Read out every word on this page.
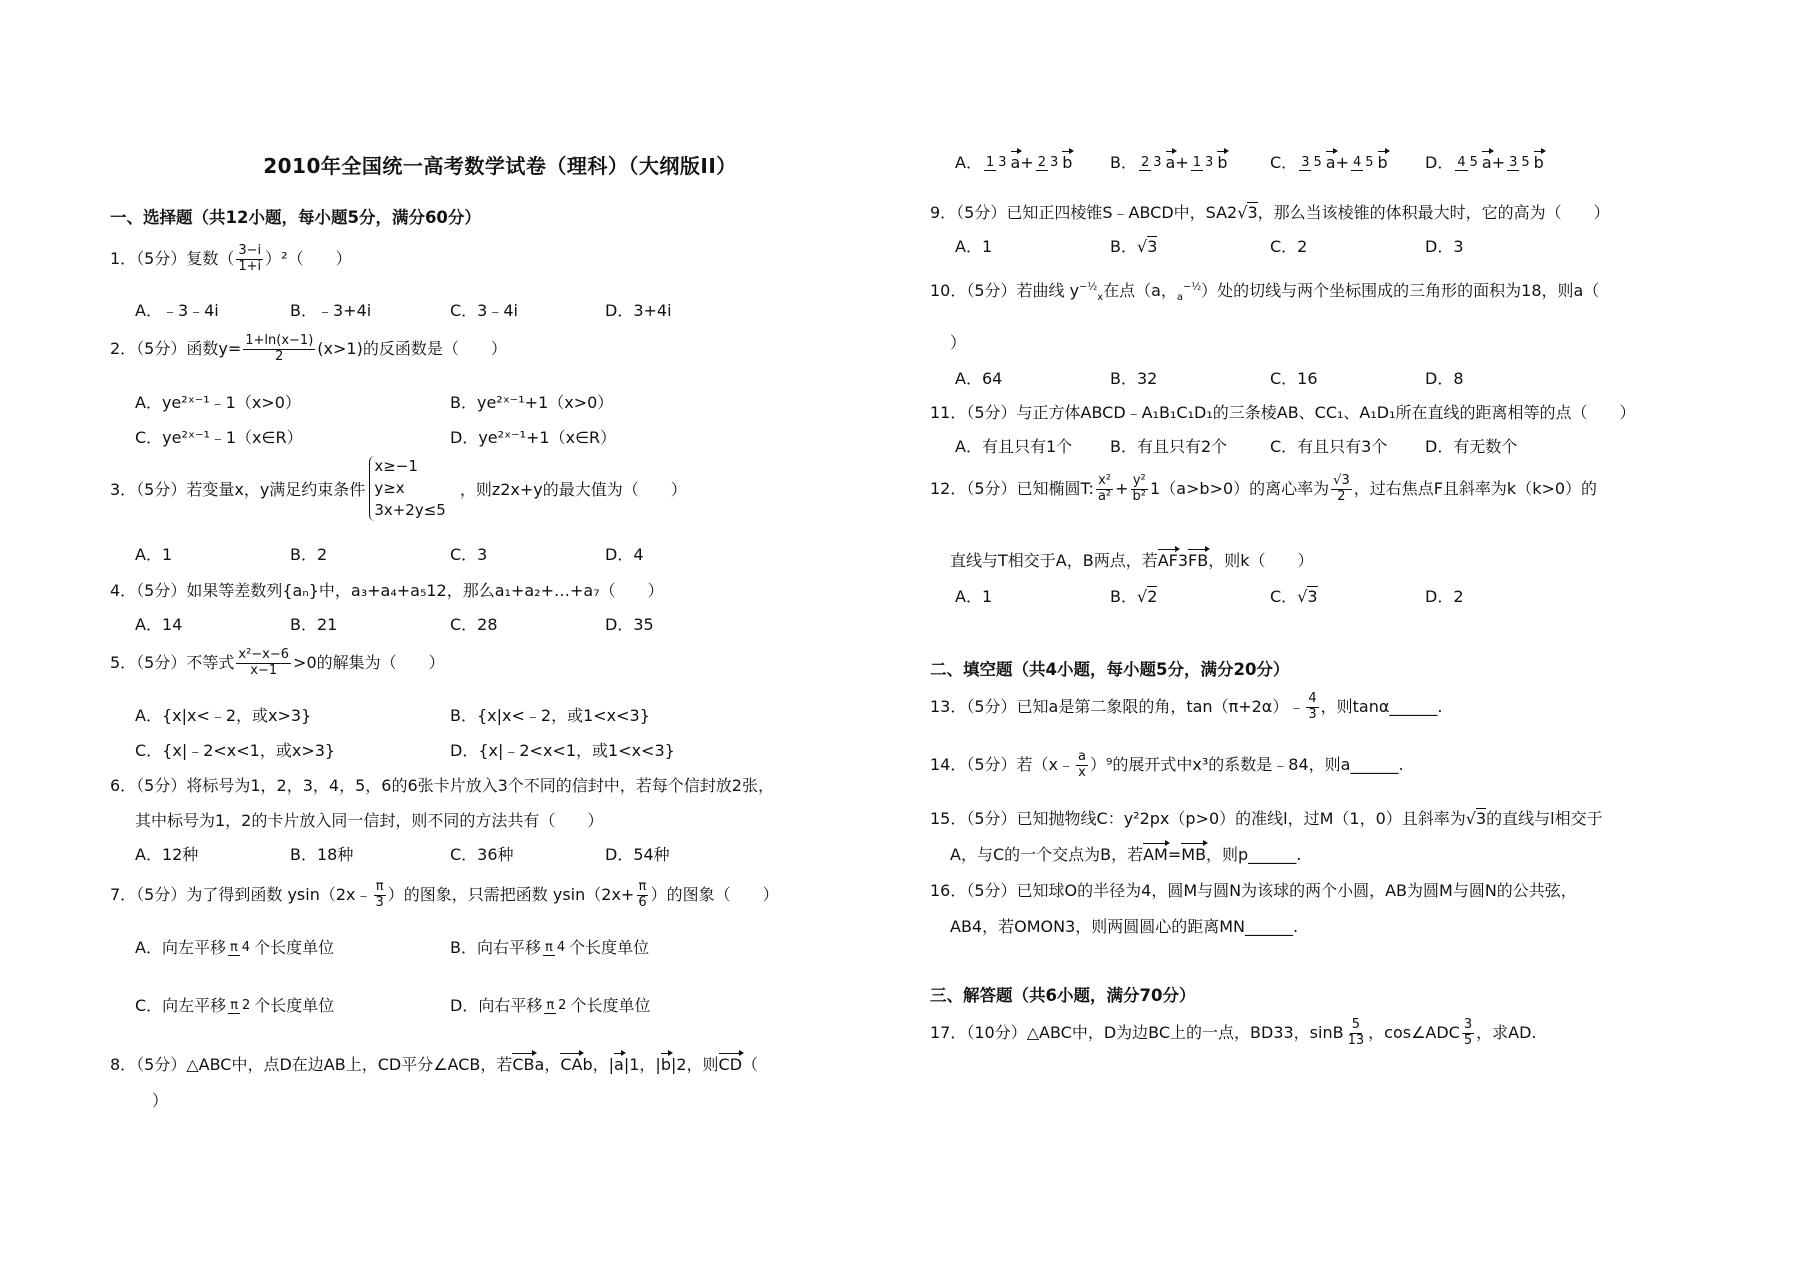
2010年全国统一高考数学试卷（理科）（大纲版II）
一、选择题（共12小题，每小题5分，满分60分）
1．（5分）复数（ $\frac{3-i}{1+i} )^2$（　　）
A．﹣3﹣4i	B．﹣3+4i	C．3﹣4i	D．3+4i
2．（5分）函数$y= \frac{1+\ln(x-1)}{2} (x>1)$的反函数是（　　）
A．ye²ˣ⁻¹﹣1（x>0）	B．ye²ˣ⁻¹+1（x>0）
C．ye²ˣ⁻¹﹣1（x∈R）	D．ye²ˣ⁻¹+1（x∈R）
3．（5分）若变量x，y满足约束条件
x≥−1
y≥x
3x+2y≤5
，则z2x+y的最大值为（　　）
A．1	B．2	C．3	D．4
4．（5分）如果等差数列{aₙ}中，a₃+a₄+a₅12，那么a₁+a₂+…+a₇（　　）
A．14	B．21	C．28	D．35
5．（5分）不等式 $\frac{\text{x²−x−6}}{x-1} >0$的解集为（　　）
A．{x|x<﹣2，或x>3}	B．{x|x<﹣2，或1<x<3}
C．{x|﹣2<x<1，或x>3}	D．{x|﹣2<x<1，或1<x<3}
6．（5分）将标号为1，2，3，4，5，6的6张卡片放入3个不同的信封中，若每个信封放2张，
其中标号为1，2的卡片放入同一信封，则不同的方法共有（　　）
A．12种	B．18种	C．36种	D．54种
7．（5分）为了得到函数 ysin（2x﹣ $\frac{\pi}{3}$ ）的图象，只需把函数 $ysin(2x+ \frac{\pi}{6}$ ）的图象（　　）
A．向左平移 π 4 个长度单位	B．向右平移 π 4 个长度单位
C．向左平移 π 2 个长度单位	D．向右平移 π 2 个长度单位
8．（5分）△ABC中，点D在边AB上，CD平分∠ACB，若CBa，CAb，|a|1，|b|2，则CD（
）
A． 1 3 a+ 2 3 b	B． 2 3 a+ 1 3 b	C． 3 5 a+ 4 5 b	D． 4 5 a+ 3 5 b
9．（5分）已知正四棱锥S﹣ABCD中，SA2 √ 3，那么当该棱锥的体积最大时，它的高为（　　）
A．1	B． √ 3	C．2	D．3
10．（5分）若曲线 $y^{-\frac{1}{2}}_x$在点（a，$_a^{-\frac{1}{2}}$）处的切线与两个坐标围成的三角形的面积为18，则a（
）
A．64	B．32	C．16	D．8
11．（5分）与正方体ABCD﹣A₁B₁C₁D₁的三条棱AB、CC₁、A₁D₁所在直线的距离相等的点（　　）
A．有且只有1个	B．有且只有2个	C．有且只有3个	D．有无数个
12．（5分）已知椭圆T: $\frac{\text{x²}}{\text{a²}} + \frac{\text{y²}}{\text{b²}} 1(a>b>0)$的离心率为 $\frac{√3}{2}$ ，过右焦点F且斜率为k（k>0）的
直线与T相交于A，B两点，若AF3FB，则k（　　）
A．1	B． √ 2	C． √ 3	D．2
二、填空题（共4小题，每小题5分，满分20分）
13．（5分）已知a是第二象限的角，tan（π+2α）﹣ $\frac{4}{3}$ ，则tanα______.
14．（5分）若（x﹣ $\frac{a}{x} )^9$的展开式中x³的系数是﹣84，则a______.
15．（5分）已知抛物线C：y²2px（p>0）的准线l，过M（1，0）且斜率为 √ 3的直线与l相交于
A，与C的一个交点为B，若AM=MB，则p______.
16．（5分）已知球O的半径为4，圆M与圆N为该球的两个小圆，AB为圆M与圆N的公共弦，
AB4，若OMON3，则两圆圆心的距离MN______.
三、解答题（共6小题，满分70分）
17．（10分）△ABC中，D为边BC上的一点，BD33，sinB $\frac{5}{13}$ ，cos∠ADC $\frac{3}{5}$ ，求AD.
